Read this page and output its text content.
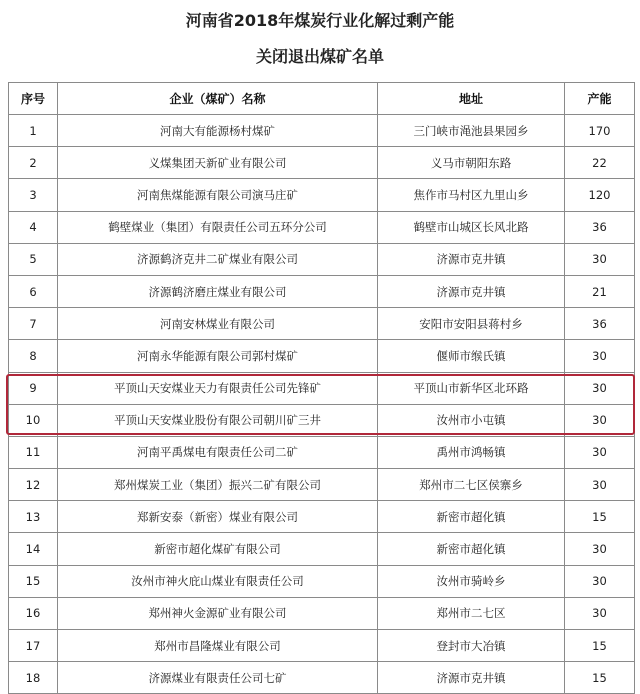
河南省2018年煤炭行业化解过剩产能
关闭退出煤矿名单
序号	企业（煤矿）名称	地址	产能
1	河南大有能源杨村煤矿	三门峡市渑池县果园乡	170
2	义煤集团天新矿业有限公司	义马市朝阳东路	22
3	河南焦煤能源有限公司演马庄矿	焦作市马村区九里山乡	120
4	鹤壁煤业（集团）有限责任公司五环分公司	鹤壁市山城区长风北路	36
5	济源鹤济克井二矿煤业有限公司	济源市克井镇	30
6	济源鹤济磨庄煤业有限公司	济源市克井镇	21
7	河南安林煤业有限公司	安阳市安阳县蒋村乡	36
8	河南永华能源有限公司郭村煤矿	偃师市缑氏镇	30
9	平顶山天安煤业天力有限责任公司先锋矿	平顶山市新华区北环路	30
10	平顶山天安煤业股份有限公司朝川矿三井	汝州市小屯镇	30
11	河南平禹煤电有限责任公司二矿	禹州市鸿畅镇	30
12	郑州煤炭工业（集团）振兴二矿有限公司	郑州市二七区侯寨乡	30
13	郑新安泰（新密）煤业有限公司	新密市超化镇	15
14	新密市超化煤矿有限公司	新密市超化镇	30
15	汝州市神火庇山煤业有限责任公司	汝州市骑岭乡	30
16	郑州神火金源矿业有限公司	郑州市二七区	30
17	郑州市昌隆煤业有限公司	登封市大冶镇	15
18	济源煤业有限责任公司七矿	济源市克井镇	15
